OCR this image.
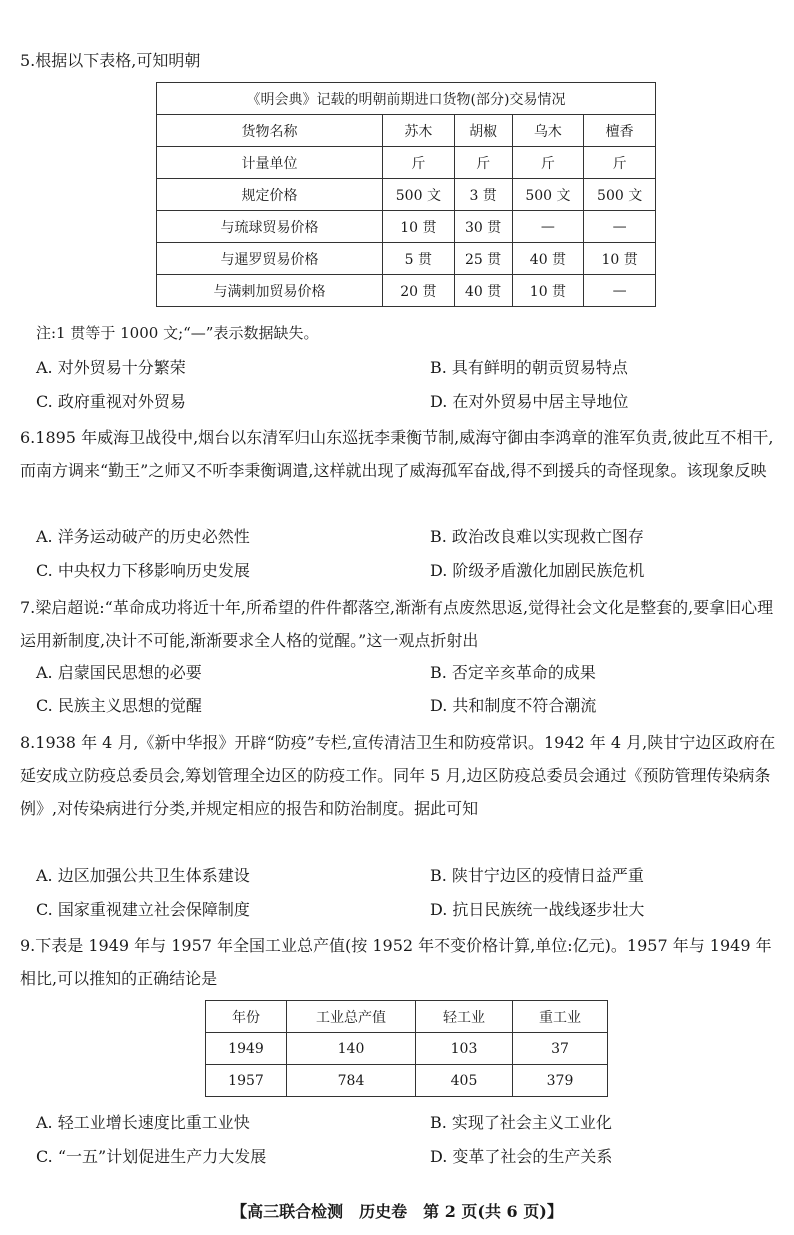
5.根据以下表格,可知明朝
《明会典》记载的明朝前期进口货物(部分)交易情况				
货物名称	苏木	胡椒	乌木	檀香
计量单位	斤	斤	斤	斤
规定价格	500 文	3 贯	500 文	500 文
与琉球贸易价格	10 贯	30 贯	—	—
与暹罗贸易价格	5 贯	25 贯	40 贯	10 贯
与满剌加贸易价格	20 贯	40 贯	10 贯	—
注:1 贯等于 1000 文;“—”表示数据缺失。
A. 对外贸易十分繁荣	B. 具有鲜明的朝贡贸易特点
C. 政府重视对外贸易	D. 在对外贸易中居主导地位
6.1895 年威海卫战役中,烟台以东清军归山东巡抚李秉衡节制,威海守御由李鸿章的淮军负责,彼此互不相干,而南方调来“勤王”之师又不听李秉衡调遣,这样就出现了威海孤军奋战,得不到援兵的奇怪现象。该现象反映
A. 洋务运动破产的历史必然性	B. 政治改良难以实现救亡图存
C. 中央权力下移影响历史发展	D. 阶级矛盾激化加剧民族危机
7.梁启超说:“革命成功将近十年,所希望的件件都落空,渐渐有点废然思返,觉得社会文化是整套的,要拿旧心理运用新制度,决计不可能,渐渐要求全人格的觉醒。”这一观点折射出
A. 启蒙国民思想的必要	B. 否定辛亥革命的成果
C. 民族主义思想的觉醒	D. 共和制度不符合潮流
8.1938 年 4 月,《新中华报》开辟“防疫”专栏,宣传清洁卫生和防疫常识。1942 年 4 月,陕甘宁边区政府在延安成立防疫总委员会,筹划管理全边区的防疫工作。同年 5 月,边区防疫总委员会通过《预防管理传染病条例》,对传染病进行分类,并规定相应的报告和防治制度。据此可知
A. 边区加强公共卫生体系建设	B. 陕甘宁边区的疫情日益严重
C. 国家重视建立社会保障制度	D. 抗日民族统一战线逐步壮大
9.下表是 1949 年与 1957 年全国工业总产值(按 1952 年不变价格计算,单位:亿元)。1957 年与 1949 年相比,可以推知的正确结论是
年份	工业总产值	轻工业	重工业
1949	140	103	37
1957	784	405	379
A. 轻工业增长速度比重工业快	B. 实现了社会主义工业化
C. “一五”计划促进生产力大发展	D. 变革了社会的生产关系
【高三联合检测　历史卷　第 2 页(共 6 页)】
